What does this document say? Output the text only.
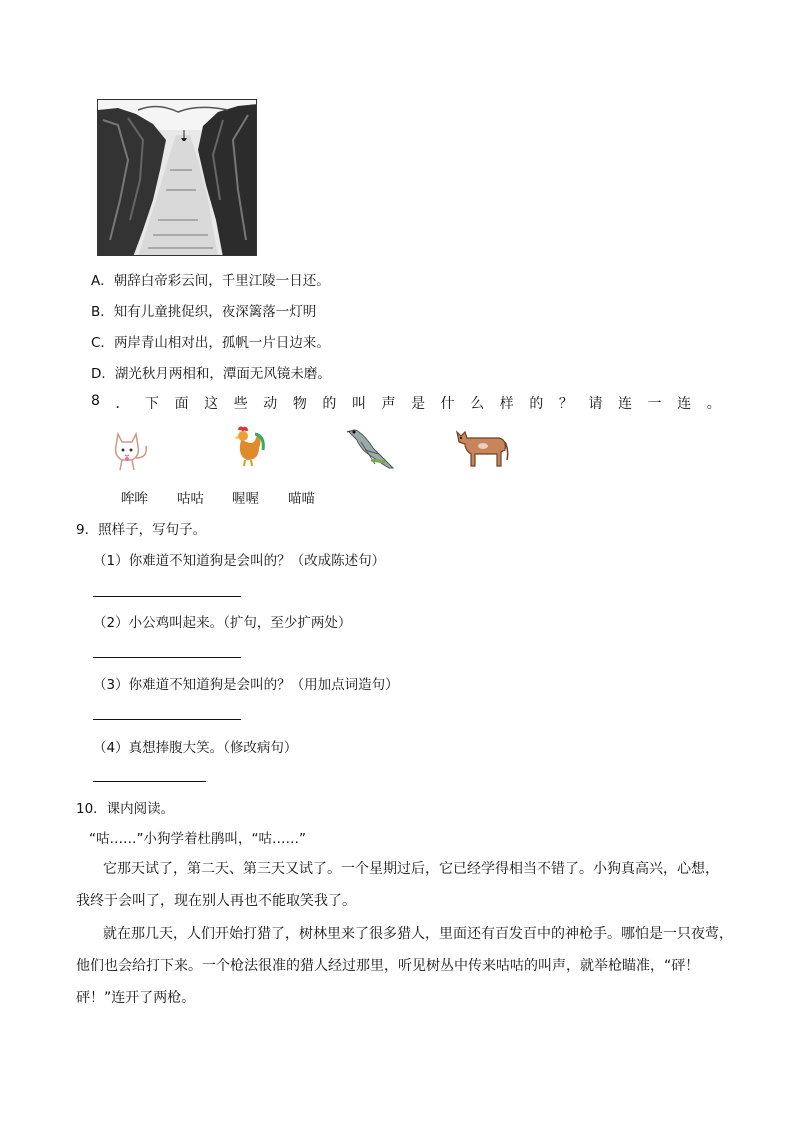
A．朝辞白帝彩云间，千里江陵一日还。
B．知有儿童挑促织，夜深篱落一灯明
C．两岸青山相对出，孤帆一片日边来。
D．湖光秋月两相和，潭面无风镜未磨。
8 ． 下 面 这 些 动 物 的 叫 声 是 什 么 样 的 ？ 请 连 一 连 。
哞哞 咕咕 喔喔 喵喵
9．照样子，写句子。
（1）你难道不知道狗是会叫的？（改成陈述句）
（2）小公鸡叫起来。（扩句，至少扩两处）
（3）你难道不知道狗是会叫的？（用加点词造句）
（4）真想捧腹大笑。（修改病句）
10．课内阅读。
“咕……”小狗学着杜鹃叫，“咕……”
它那天试了，第二天、第三天又试了。一个星期过后，它已经学得相当不错了。小狗真高兴，心想，
我终于会叫了，现在别人再也不能取笑我了。
就在那几天，人们开始打猎了，树林里来了很多猎人，里面还有百发百中的神枪手。哪怕是一只夜莺，
他们也会给打下来。一个枪法很准的猎人经过那里，听见树丛中传来咕咕的叫声，就举枪瞄准，“砰！
砰！”连开了两枪。
